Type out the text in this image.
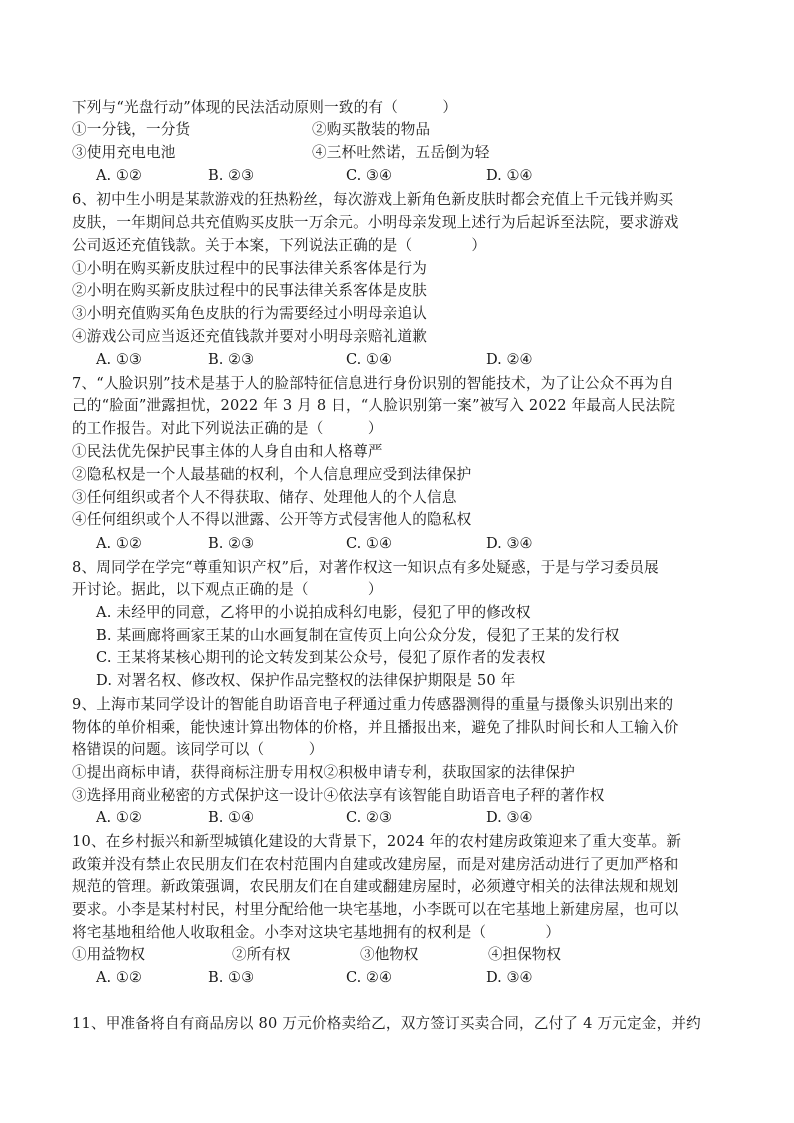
下列与“光盘行动”体现的民法活动原则一致的有（　　　）
①一分钱，一分货	②购买散装的物品
③使用充电电池	④三杯吐然诺，五岳倒为轻
A. ①②	B. ②③	C. ③④	D. ①④
6、初中生小明是某款游戏的狂热粉丝，每次游戏上新角色新皮肤时都会充值上千元钱并购买
皮肤，一年期间总共充值购买皮肤一万余元。小明母亲发现上述行为后起诉至法院，要求游戏
公司返还充值钱款。关于本案，下列说法正确的是（　　　　）
①小明在购买新皮肤过程中的民事法律关系客体是行为
②小明在购买新皮肤过程中的民事法律关系客体是皮肤
③小明充值购买角色皮肤的行为需要经过小明母亲追认
④游戏公司应当返还充值钱款并要对小明母亲赔礼道歉
A. ①③	B. ②③	C. ①④	D. ②④
7、“人脸识别”技术是基于人的脸部特征信息进行身份识别的智能技术，为了让公众不再为自
己的“脸面”泄露担忧，2022 年 3 月 8 日，“人脸识别第一案”被写入 2022 年最高人民法院
的工作报告。对此下列说法正确的是（　　　）
①民法优先保护民事主体的人身自由和人格尊严
②隐私权是一个人最基础的权利，个人信息理应受到法律保护
③任何组织或者个人不得获取、储存、处理他人的个人信息
④任何组织或个人不得以泄露、公开等方式侵害他人的隐私权
A. ①②	B. ②③	C. ①④	D. ③④
8、周同学在学完“尊重知识产权”后，对著作权这一知识点有多处疑惑，于是与学习委员展
开讨论。据此，以下观点正确的是（　　　　）
A. 未经甲的同意，乙将甲的小说拍成科幻电影，侵犯了甲的修改权
B. 某画廊将画家王某的山水画复制在宣传页上向公众分发，侵犯了王某的发行权
C. 王某将某核心期刊的论文转发到某公众号，侵犯了原作者的发表权
D. 对署名权、修改权、保护作品完整权的法律保护期限是 50 年
9、上海市某同学设计的智能自助语音电子秤通过重力传感器测得的重量与摄像头识别出来的
物体的单价相乘，能快速计算出物体的价格，并且播报出来，避免了排队时间长和人工输入价
格错误的问题。该同学可以（　　　）
①提出商标申请，获得商标注册专用权②积极申请专利，获取国家的法律保护
③选择用商业秘密的方式保护这一设计④依法享有该智能自助语音电子秤的著作权
A. ①②	B. ①④	C. ②③	D. ③④
10、在乡村振兴和新型城镇化建设的大背景下，2024 年的农村建房政策迎来了重大变革。新
政策并没有禁止农民朋友们在农村范围内自建或改建房屋，而是对建房活动进行了更加严格和
规范的管理。新政策强调，农民朋友们在自建或翻建房屋时，必须遵守相关的法律法规和规划
要求。小李是某村村民，村里分配给他一块宅基地，小李既可以在宅基地上新建房屋，也可以
将宅基地租给他人收取租金。小李对这块宅基地拥有的权利是（　　　　）
①用益物权	②所有权	③他物权	④担保物权
A. ①②	B. ①③	C. ②④	D. ③④
11、甲准备将自有商品房以 80 万元价格卖给乙，双方签订买卖合同，乙付了 4 万元定金，并约
